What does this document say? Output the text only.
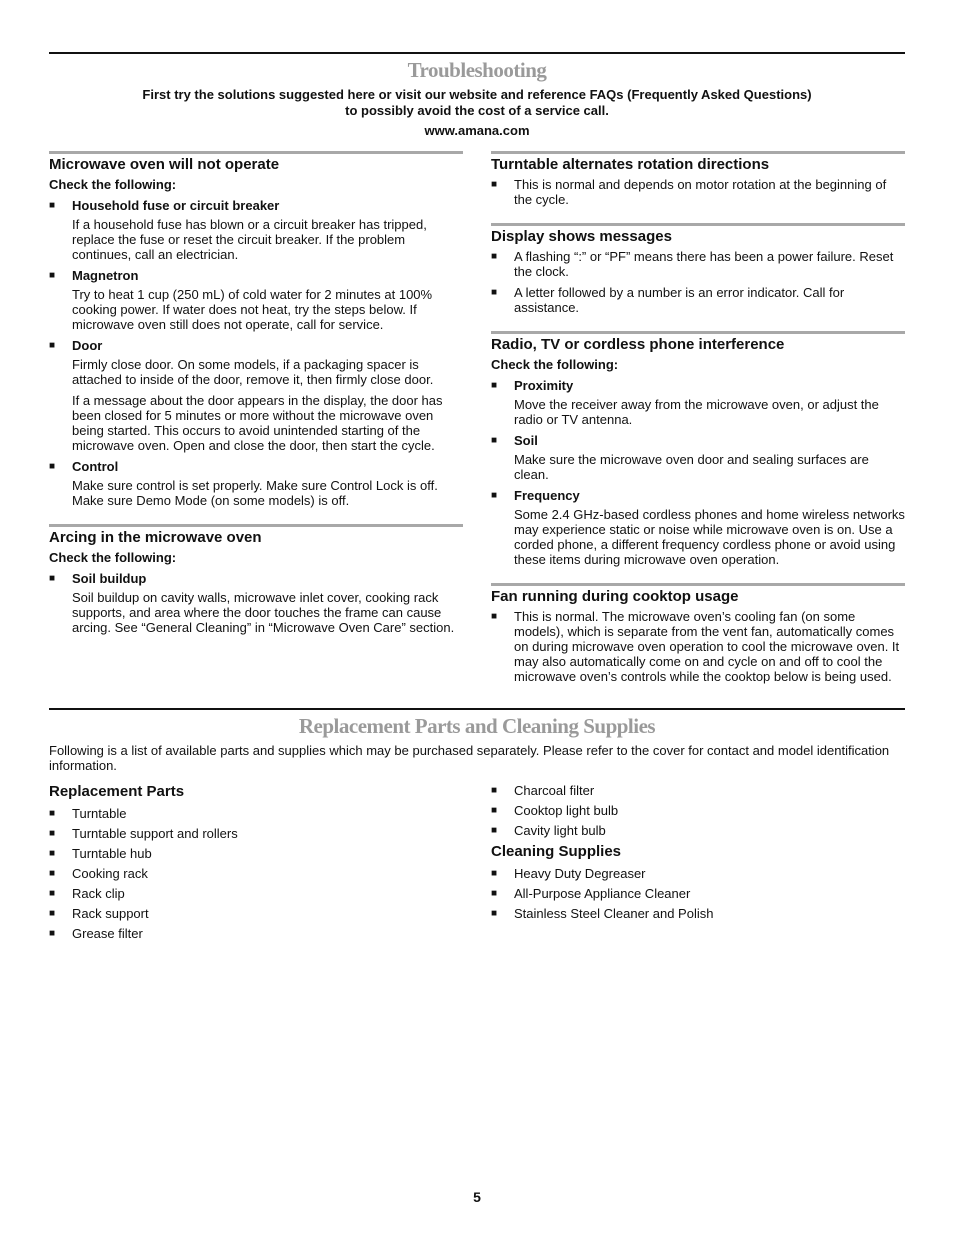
Troubleshooting
First try the solutions suggested here or visit our website and reference FAQs (Frequently Asked Questions)
to possibly avoid the cost of a service call.
www.amana.com
Microwave oven will not operate
Check the following:
■	Household fuse or circuit breaker
If a household fuse has blown or a circuit breaker has tripped, replace the fuse or reset the circuit breaker. If the problem continues, call an electrician.
■	Magnetron
Try to heat 1 cup (250 mL) of cold water for 2 minutes at 100% cooking power. If water does not heat, try the steps below. If microwave oven still does not operate, call for service.
■	Door
Firmly close door. On some models, if a packaging spacer is attached to inside of the door, remove it, then firmly close door.
If a message about the door appears in the display, the door has been closed for 5 minutes or more without the microwave oven being started. This occurs to avoid unintended starting of the microwave oven. Open and close the door, then start the cycle.
■	Control
Make sure control is set properly. Make sure Control Lock is off. Make sure Demo Mode (on some models) is off.
Arcing in the microwave oven
Check the following:
■	Soil buildup
Soil buildup on cavity walls, microwave inlet cover, cooking rack supports, and area where the door touches the frame can cause arcing. See “General Cleaning” in “Microwave Oven Care” section.
Turntable alternates rotation directions
■	This is normal and depends on motor rotation at the beginning of the cycle.
Display shows messages
■	A flashing “:” or “PF” means there has been a power failure. Reset the clock.
■	A letter followed by a number is an error indicator. Call for assistance.
Radio, TV or cordless phone interference
Check the following:
■	Proximity
Move the receiver away from the microwave oven, or adjust the radio or TV antenna.
■	Soil
Make sure the microwave oven door and sealing surfaces are clean.
■	Frequency
Some 2.4 GHz-based cordless phones and home wireless networks may experience static or noise while microwave oven is on. Use a corded phone, a different frequency cordless phone or avoid using these items during microwave oven operation.
Fan running during cooktop usage
■	This is normal. The microwave oven’s cooling fan (on some models), which is separate from the vent fan, automatically comes on during microwave oven operation to cool the microwave oven. It may also automatically come on and cycle on and off to cool the microwave oven’s controls while the cooktop below is being used.
Replacement Parts and Cleaning Supplies
Following is a list of available parts and supplies which may be purchased separately. Please refer to the cover for contact and model identification information.
Replacement Parts
■	Turntable
■	Turntable support and rollers
■	Turntable hub
■	Cooking rack
■	Rack clip
■	Rack support
■	Grease filter
■	Charcoal filter
■	Cooktop light bulb
■	Cavity light bulb
Cleaning Supplies
■	Heavy Duty Degreaser
■	All-Purpose Appliance Cleaner
■	Stainless Steel Cleaner and Polish
5
